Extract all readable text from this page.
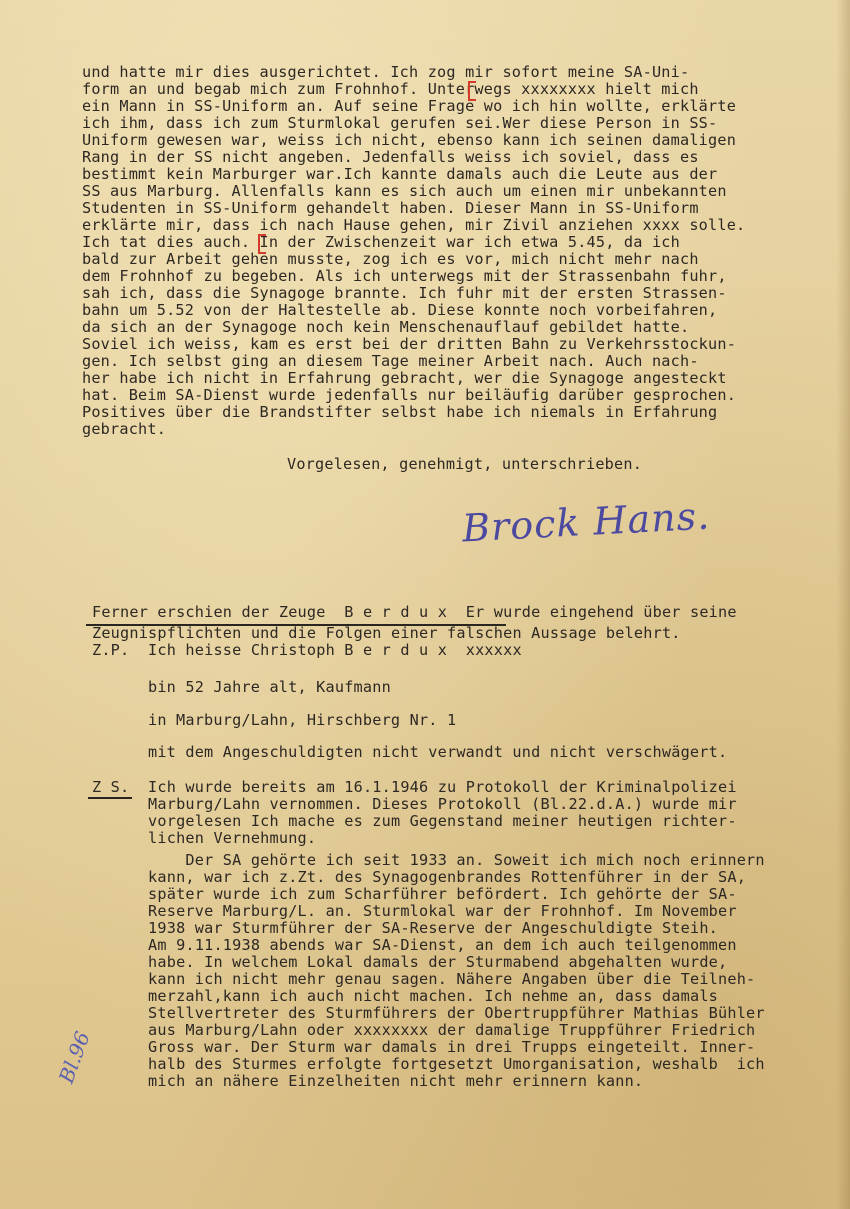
und hatte mir dies ausgerichtet. Ich zog mir sofort meine SA-Uni-
form an und begab mich zum Frohnhof. Unterwegs xxxxxxxx hielt mich
ein Mann in SS-Uniform an. Auf seine Frage wo ich hin wollte, erklärte
ich ihm, dass ich zum Sturmlokal gerufen sei.Wer diese Person in SS-
Uniform gewesen war, weiss ich nicht, ebenso kann ich seinen damaligen
Rang in der SS nicht angeben. Jedenfalls weiss ich soviel, dass es
bestimmt kein Marburger war.Ich kannte damals auch die Leute aus der
SS aus Marburg. Allenfalls kann es sich auch um einen mir unbekannten
Studenten in SS-Uniform gehandelt haben. Dieser Mann in SS-Uniform
erklärte mir, dass ich nach Hause gehen, mir Zivil anziehen xxxx solle.
Ich tat dies auch. In der Zwischenzeit war ich etwa 5.45, da ich
bald zur Arbeit gehen musste, zog ich es vor, mich nicht mehr nach
dem Frohnhof zu begeben. Als ich unterwegs mit der Strassenbahn fuhr,
sah ich, dass die Synagoge brannte. Ich fuhr mit der ersten Strassen-
bahn um 5.52 von der Haltestelle ab. Diese konnte noch vorbeifahren,
da sich an der Synagoge noch kein Menschenauflauf gebildet hatte.
Soviel ich weiss, kam es erst bei der dritten Bahn zu Verkehrsstockun-
gen. Ich selbst ging an diesem Tage meiner Arbeit nach. Auch nach-
her habe ich nicht in Erfahrung gebracht, wer die Synagoge angesteckt
hat. Beim SA-Dienst wurde jedenfalls nur beiläufig darüber gesprochen.
Positives über die Brandstifter selbst habe ich niemals in Erfahrung
gebracht.
Vorgelesen, genehmigt, unterschrieben.
Brock Hans.
Ferner erschien der Zeuge  B e r d u x  Er wurde eingehend über seine
Zeugnispflichten und die Folgen einer falschen Aussage belehrt.
Z.P.  Ich heisse Christoph B e r d u x  xxxxxx
bin 52 Jahre alt, Kaufmann
in Marburg/Lahn, Hirschberg Nr. 1
mit dem Angeschuldigten nicht verwandt und nicht verschwägert.
Z S.  Ich wurde bereits am 16.1.1946 zu Protokoll der Kriminalpolizei
Marburg/Lahn vernommen. Dieses Protokoll (Bl.22.d.A.) wurde mir
vorgelesen Ich mache es zum Gegenstand meiner heutigen richter-
lichen Vernehmung.
Der SA gehörte ich seit 1933 an. Soweit ich mich noch erinnern
kann, war ich z.Zt. des Synagogenbrandes Rottenführer in der SA,
später wurde ich zum Scharführer befördert. Ich gehörte der SA-
Reserve Marburg/L. an. Sturmlokal war der Frohnhof. Im November
1938 war Sturmführer der SA-Reserve der Angeschuldigte Steih.
Am 9.11.1938 abends war SA-Dienst, an dem ich auch teilgenommen
habe. In welchem Lokal damals der Sturmabend abgehalten wurde,
kann ich nicht mehr genau sagen. Nähere Angaben über die Teilneh-
merzahl,kann ich auch nicht machen. Ich nehme an, dass damals
Stellvertreter des Sturmführers der Obertruppführer Mathias Bühler
aus Marburg/Lahn oder xxxxxxxx der damalige Truppführer Friedrich
Gross war. Der Sturm war damals in drei Trupps eingeteilt. Inner-
halb des Sturmes erfolgte fortgesetzt Umorganisation, weshalb  ich
mich an nähere Einzelheiten nicht mehr erinnern kann.
Bl.96
